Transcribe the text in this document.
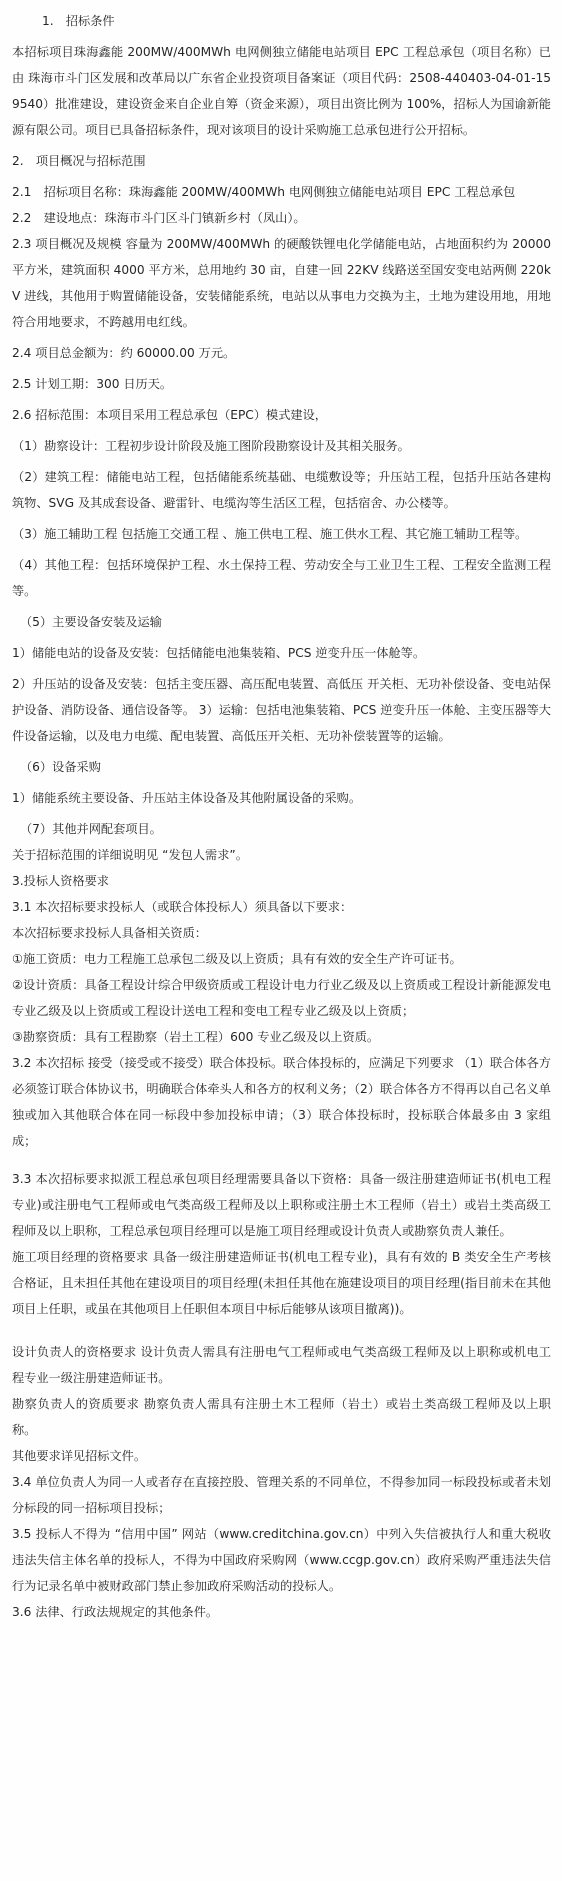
1.　招标条件

本招标项目珠海鑫能 200MW/400MWh 电网侧独立储能电站项目 EPC 工程总承包（项目名称）已由 珠海市斗门区发展和改革局以广东省企业投资项目备案证（项目代码：2508-440403-04-01-159540）批准建设，建设资金来自企业自筹（资金来源），项目出资比例为 100%，招标人为国谕新能源有限公司。项目已具备招标条件，现对该项目的设计采购施工总承包进行公开招标。

2.　项目概况与招标范围

2.1　招标项目名称：珠海鑫能 200MW/400MWh 电网侧独立储能电站项目 EPC 工程总承包

2.2　建设地点：珠海市斗门区斗门镇新乡村（凤山）。

2.3 项目概况及规模 容量为 200MW/400MWh 的硬酸铁锂电化学储能电站，占地面积约为 20000 平方米，建筑面积 4000 平方米，总用地约 30 亩，自建一回 22KV 线路送至国安变电站两侧 220kV 进线，其他用于购置储能设备，安装储能系统，电站以从事电力交换为主，土地为建设用地，用地符合用地要求，不跨越用电红线。

2.4 项目总金额为：约 60000.00 万元。

2.5 计划工期：300 日历天。

2.6 招标范围：本项目采用工程总承包（EPC）模式建设，

（1）勘察设计：工程初步设计阶段及施工图阶段勘察设计及其相关服务。

（2）建筑工程：储能电站工程，包括储能系统基础、电缆敷设等；升压站工程，包括升压站各建构筑物、SVG 及其成套设备、避雷针、电缆沟等生活区工程，包括宿舍、办公楼等。

（3）施工辅助工程 包括施工交通工程 、施工供电工程、施工供水工程、其它施工辅助工程等。

（4）其他工程：包括环境保护工程、水土保持工程、劳动安全与工业卫生工程、工程安全监测工程等。

（5）主要设备安装及运输

1）储能电站的设备及安装：包括储能电池集装箱、PCS 逆变升压一体舱等。

2）升压站的设备及安装：包括主变压器、高压配电装置、高低压 开关柜、无功补偿设备、变电站保护设备、消防设备、通信设备等。 3）运输：包括电池集装箱、PCS 逆变升压一体舱、主变压器等大 件设备运输，以及电力电缆、配电装置、高低压开关柜、无功补偿装置等的运输。

（6）设备采购

1）储能系统主要设备、升压站主体设备及其他附属设备的采购。

（7）其他并网配套项目。

关于招标范围的详细说明见 “发包人需求”。

3.投标人资格要求

3.1 本次招标要求投标人（或联合体投标人）须具备以下要求：

本次招标要求投标人具备相关资质：

①施工资质：电力工程施工总承包二级及以上资质；具有有效的安全生产许可证书。

②设计资质：具备工程设计综合甲级资质或工程设计电力行业乙级及以上资质或工程设计新能源发电专业乙级及以上资质或工程设计送电工程和变电工程专业乙级及以上资质；

③勘察资质：具有工程勘察（岩土工程）600 专业乙级及以上资质。

3.2 本次招标 接受（接受或不接受）联合体投标。联合体投标的，应满足下列要求 （1）联合体各方必须签订联合体协议书，明确联合体牵头人和各方的权利义务；（2）联合体各方不得再以自己名义单独或加入其他联合体在同一标段中参加投标申请；（3）联合体投标时，投标联合体最多由 3 家组成；

3.3 本次招标要求拟派工程总承包项目经理需要具备以下资格：具备一级注册建造师证书(机电工程专业)或注册电气工程师或电气类高级工程师及以上职称或注册土木工程师（岩土）或岩土类高级工程师及以上职称，工程总承包项目经理可以是施工项目经理或设计负责人或勘察负责人兼任。

施工项目经理的资格要求 具备一级注册建造师证书(机电工程专业)，具有有效的 B 类安全生产考核合格证，且未担任其他在建设项目的项目经理(未担任其他在施建设项目的项目经理(指目前未在其他项目上任职，或虽在其他项目上任职但本项目中标后能够从该项目撤离))。

设计负责人的资格要求 设计负责人需具有注册电气工程师或电气类高级工程师及以上职称或机电工程专业一级注册建造师证书。

勘察负责人的资质要求 勘察负责人需具有注册土木工程师（岩土）或岩土类高级工程师及以上职称。

其他要求详见招标文件。

3.4 单位负责人为同一人或者存在直接控股、管理关系的不同单位，不得参加同一标段投标或者未划分标段的同一招标项目投标；

3.5 投标人不得为 “信用中国” 网站（www.creditchina.gov.cn）中列入失信被执行人和重大税收违法失信主体名单的投标人，不得为中国政府采购网（www.ccgp.gov.cn）政府采购严重违法失信行为记录名单中被财政部门禁止参加政府采购活动的投标人。

3.6 法律、行政法规规定的其他条件。
